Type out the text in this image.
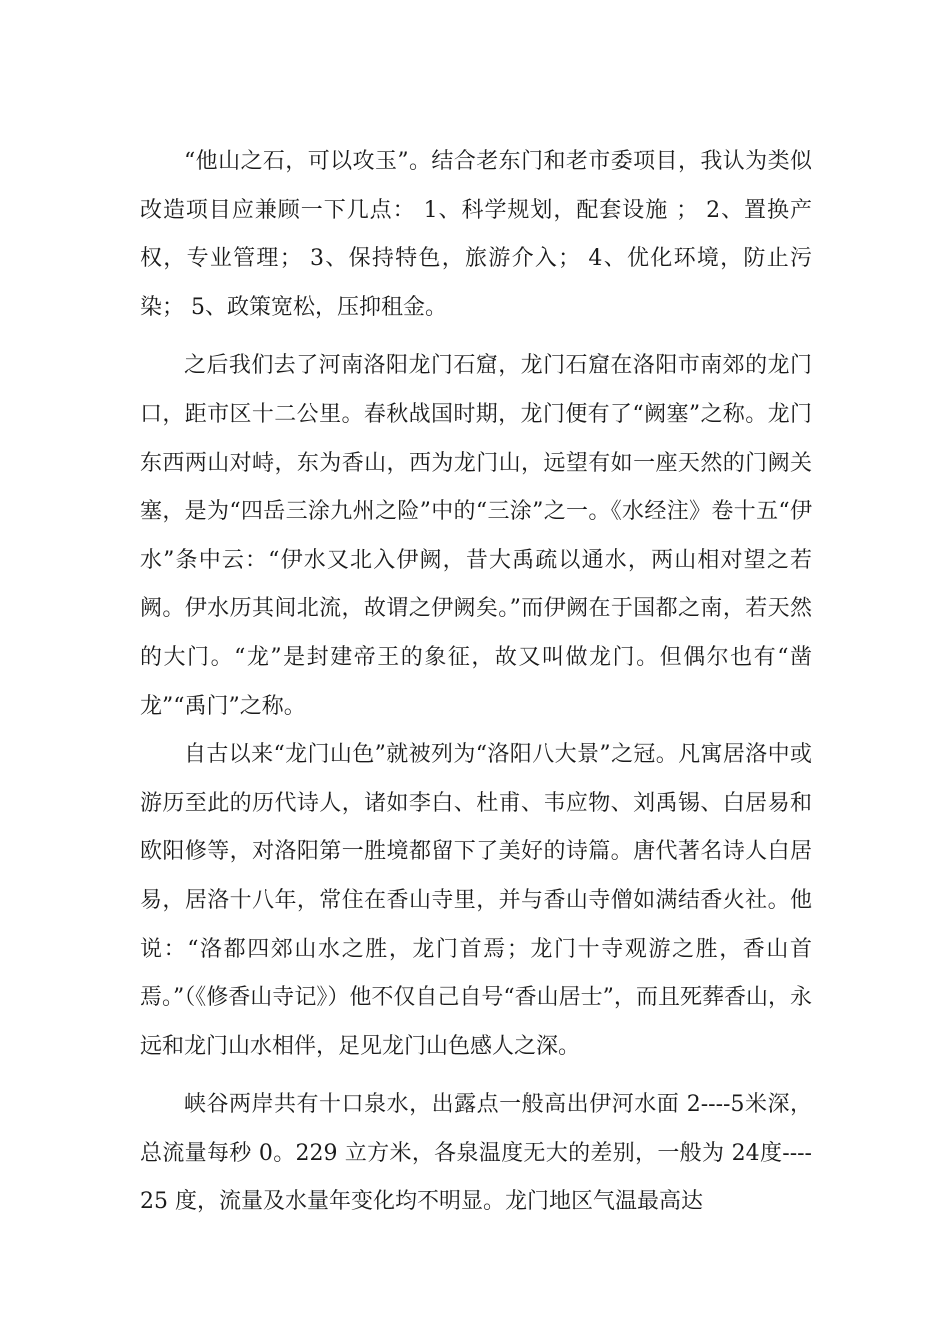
“他山之石，可以攻玉”。结合老东门和老市委项目，我认为类似改造项目应兼顾一下几点： 1、科学规划，配套设施 ； 2、置换产权，专业管理； 3、保持特色，旅游介入； 4、优化环境，防止污染； 5、政策宽松，压抑租金。

之后我们去了河南洛阳龙门石窟，龙门石窟在洛阳市南郊的龙门口，距市区十二公里。春秋战国时期，龙门便有了“阙塞”之称。龙门东西两山对峙，东为香山，西为龙门山，远望有如一座天然的门阙关塞，是为“四岳三涂九州之险”中的“三涂”之一。《水经注》卷十五“伊水”条中云：“伊水又北入伊阙，昔大禹疏以通水，两山相对望之若阙。伊水历其间北流，故谓之伊阙矣。”而伊阙在于国都之南，若天然的大门。“龙”是封建帝王的象征，故又叫做龙门。但偶尔也有“凿龙”“禹门”之称。

自古以来“龙门山色”就被列为“洛阳八大景”之冠。凡寓居洛中或游历至此的历代诗人，诸如李白、杜甫、韦应物、刘禹锡、白居易和欧阳修等，对洛阳第一胜境都留下了美好的诗篇。唐代著名诗人白居易，居洛十八年，常住在香山寺里，并与香山寺僧如满结香火社。他说：“洛都四郊山水之胜，龙门首焉；龙门十寺观游之胜，香山首焉。”（《修香山寺记》）他不仅自己自号“香山居士”，而且死葬香山，永远和龙门山水相伴，足见龙门山色感人之深。

峡谷两岸共有十口泉水，出露点一般高出伊河水面 2----5米深，总流量每秒 0。229 立方米，各泉温度无大的差别，一般为 24度----25 度，流量及水量年变化均不明显。龙门地区气温最高达
